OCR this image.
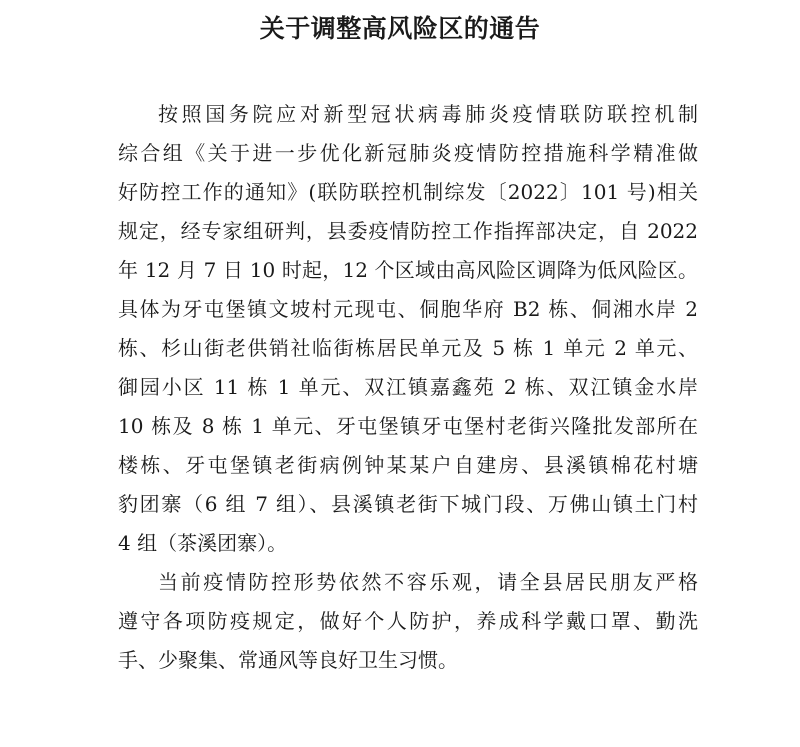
关于调整高风险区的通告

按照国务院应对新型冠状病毒肺炎疫情联防联控机制
综合组《关于进一步优化新冠肺炎疫情防控措施科学精准做
好防控工作的通知》(联防联控机制综发〔2022〕101 号)相关
规定，经专家组研判，县委疫情防控工作指挥部决定，自 2022
年 12 月 7 日 10 时起，12 个区域由高风险区调降为低风险区。
具体为牙屯堡镇文坡村元现屯、侗胞华府 B2 栋、侗湘水岸 2
栋、杉山街老供销社临街栋居民单元及 5 栋 1 单元 2 单元、
御园小区 11 栋 1 单元、双江镇嘉鑫苑 2 栋、双江镇金水岸
10 栋及 8 栋 1 单元、牙屯堡镇牙屯堡村老街兴隆批发部所在
楼栋、牙屯堡镇老街病例钟某某户自建房、县溪镇棉花村塘
豹团寨（6 组 7 组）、县溪镇老街下城门段、万佛山镇土门村
4 组（茶溪团寨）。

当前疫情防控形势依然不容乐观，请全县居民朋友严格
遵守各项防疫规定，做好个人防护，养成科学戴口罩、勤洗
手、少聚集、常通风等良好卫生习惯。
